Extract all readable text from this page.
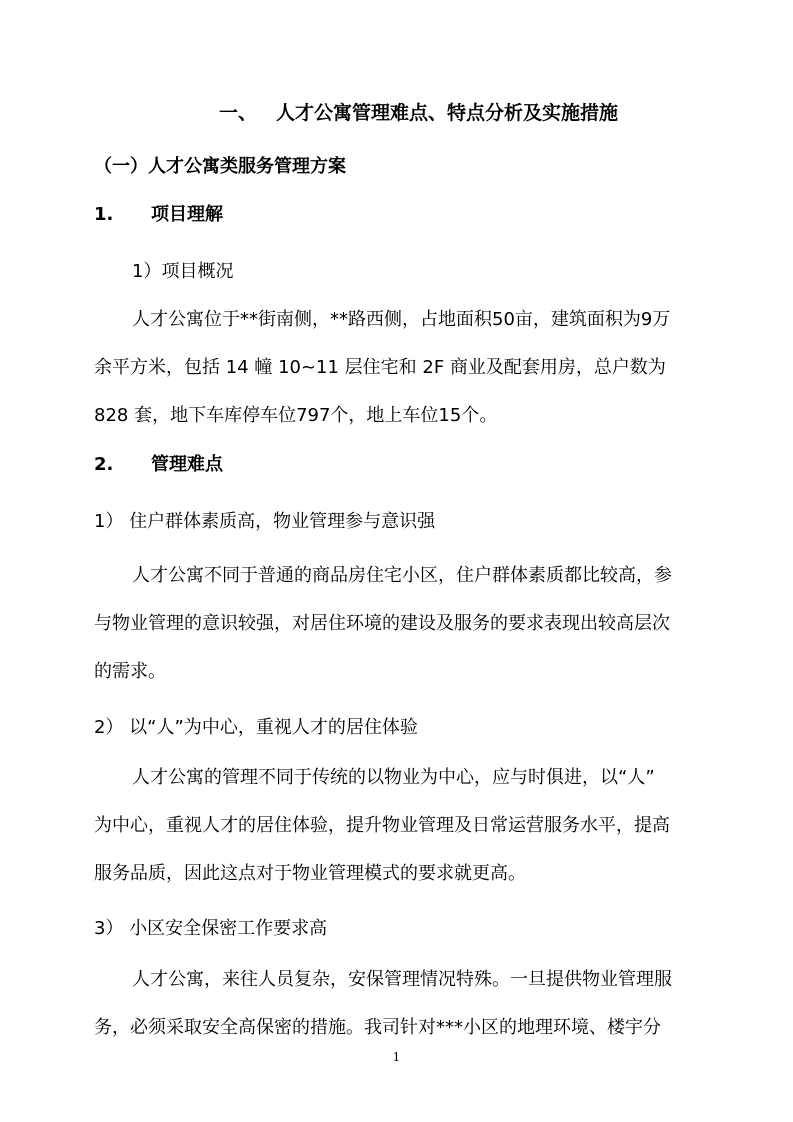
一、 人才公寓管理难点、特点分析及实施措施
（一）人才公寓类服务管理方案
1.      项目理解
1）项目概况
人才公寓位于**街南侧，**路西侧，占地面积50亩，建筑面积为9万
余平方米，包括 14 幢 10~11 层住宅和 2F 商业及配套用房，总户数为
828 套，地下车库停车位797个，地上车位15个。
2.      管理难点
1） 住户群体素质高，物业管理参与意识强
人才公寓不同于普通的商品房住宅小区，住户群体素质都比较高，参
与物业管理的意识较强，对居住环境的建设及服务的要求表现出较高层次
的需求。
2） 以“人”为中心，重视人才的居住体验
人才公寓的管理不同于传统的以物业为中心，应与时俱进，以“人”
为中心，重视人才的居住体验，提升物业管理及日常运营服务水平，提高
服务品质，因此这点对于物业管理模式的要求就更高。
3） 小区安全保密工作要求高
人才公寓，来往人员复杂，安保管理情况特殊。一旦提供物业管理服
务，必须采取安全高保密的措施。我司针对***小区的地理环境、楼宇分
1
